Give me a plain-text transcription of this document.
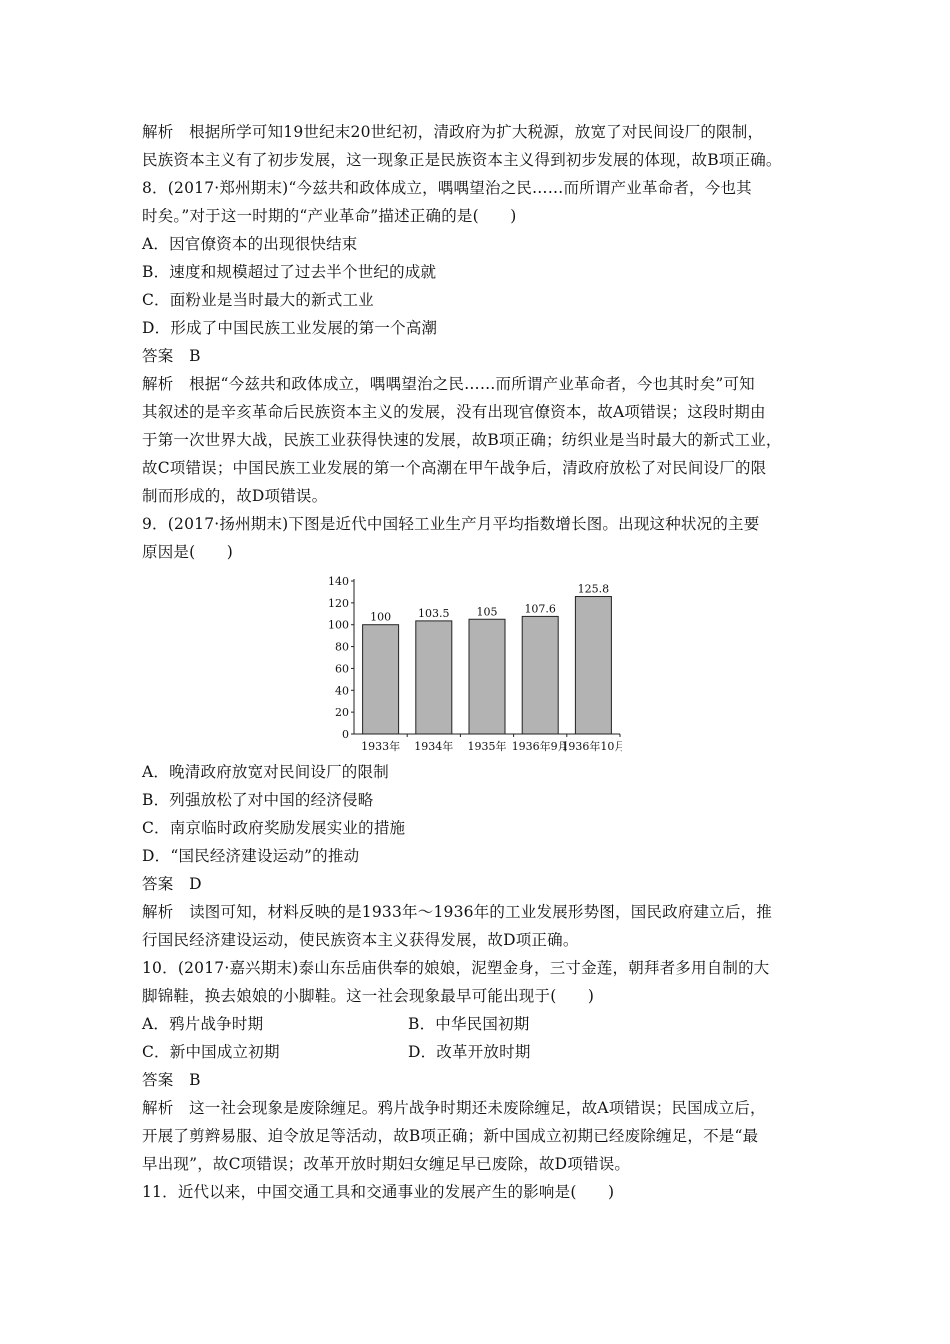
解析　根据所学可知19世纪末20世纪初，清政府为扩大税源，放宽了对民间设厂的限制，
民族资本主义有了初步发展，这一现象正是民族资本主义得到初步发展的体现，故B项正确。
8．(2017·郑州期末)“今兹共和政体成立，喁喁望治之民……而所谓产业革命者，今也其
时矣。”对于这一时期的“产业革命”描述正确的是(　　)
A．因官僚资本的出现很快结束
B．速度和规模超过了过去半个世纪的成就
C．面粉业是当时最大的新式工业
D．形成了中国民族工业发展的第一个高潮
答案　B
解析　根据“今兹共和政体成立，喁喁望治之民……而所谓产业革命者，今也其时矣”可知
其叙述的是辛亥革命后民族资本主义的发展，没有出现官僚资本，故A项错误；这段时期由
于第一次世界大战，民族工业获得快速的发展，故B项正确；纺织业是当时最大的新式工业，
故C项错误；中国民族工业发展的第一个高潮在甲午战争后，清政府放松了对民间设厂的限
制而形成的，故D项错误。
9．(2017·扬州期末)下图是近代中国轻工业生产月平均指数增长图。出现这种状况的主要
原因是(　　)
0
20
40
60
80
100
120
140
100
1933年
103.5
1934年
105
1935年
107.6
1936年9月
125.8
1936年10月
A．晚清政府放宽对民间设厂的限制
B．列强放松了对中国的经济侵略
C．南京临时政府奖励发展实业的措施
D．“国民经济建设运动”的推动
答案　D
解析　读图可知，材料反映的是1933年～1936年的工业发展形势图，国民政府建立后，推
行国民经济建设运动，使民族资本主义获得发展，故D项正确。
10．(2017·嘉兴期末)泰山东岳庙供奉的娘娘，泥塑金身，三寸金莲，朝拜者多用自制的大
脚锦鞋，换去娘娘的小脚鞋。这一社会现象最早可能出现于(　　)
A．鸦片战争时期	B．中华民国初期
C．新中国成立初期	D．改革开放时期
答案　B
解析　这一社会现象是废除缠足。鸦片战争时期还未废除缠足，故A项错误；民国成立后，
开展了剪辫易服、迫令放足等活动，故B项正确；新中国成立初期已经废除缠足，不是“最
早出现”，故C项错误；改革开放时期妇女缠足早已废除，故D项错误。
11．近代以来，中国交通工具和交通事业的发展产生的影响是(　　)
